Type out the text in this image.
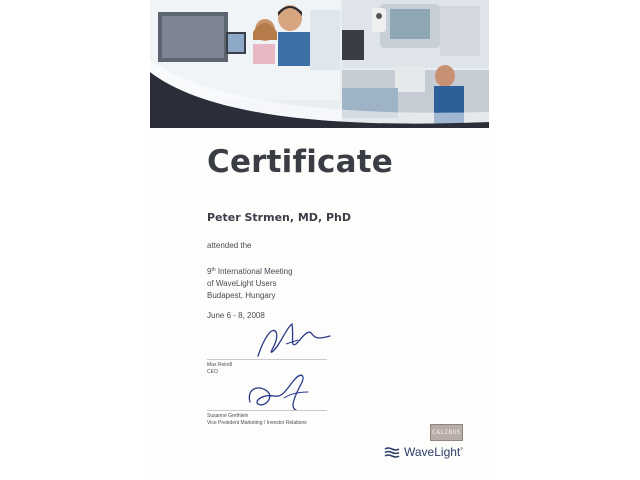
Certificate
Peter Strmen, MD, PhD
attended the
9th International Meeting
of WaveLight Users
Budapest, Hungary
June 6 - 8, 2008
Max Reindl
CEO
Susanne Grethlein
Vice President Marketing / Investor Relations
CALIBUS
WaveLight®
